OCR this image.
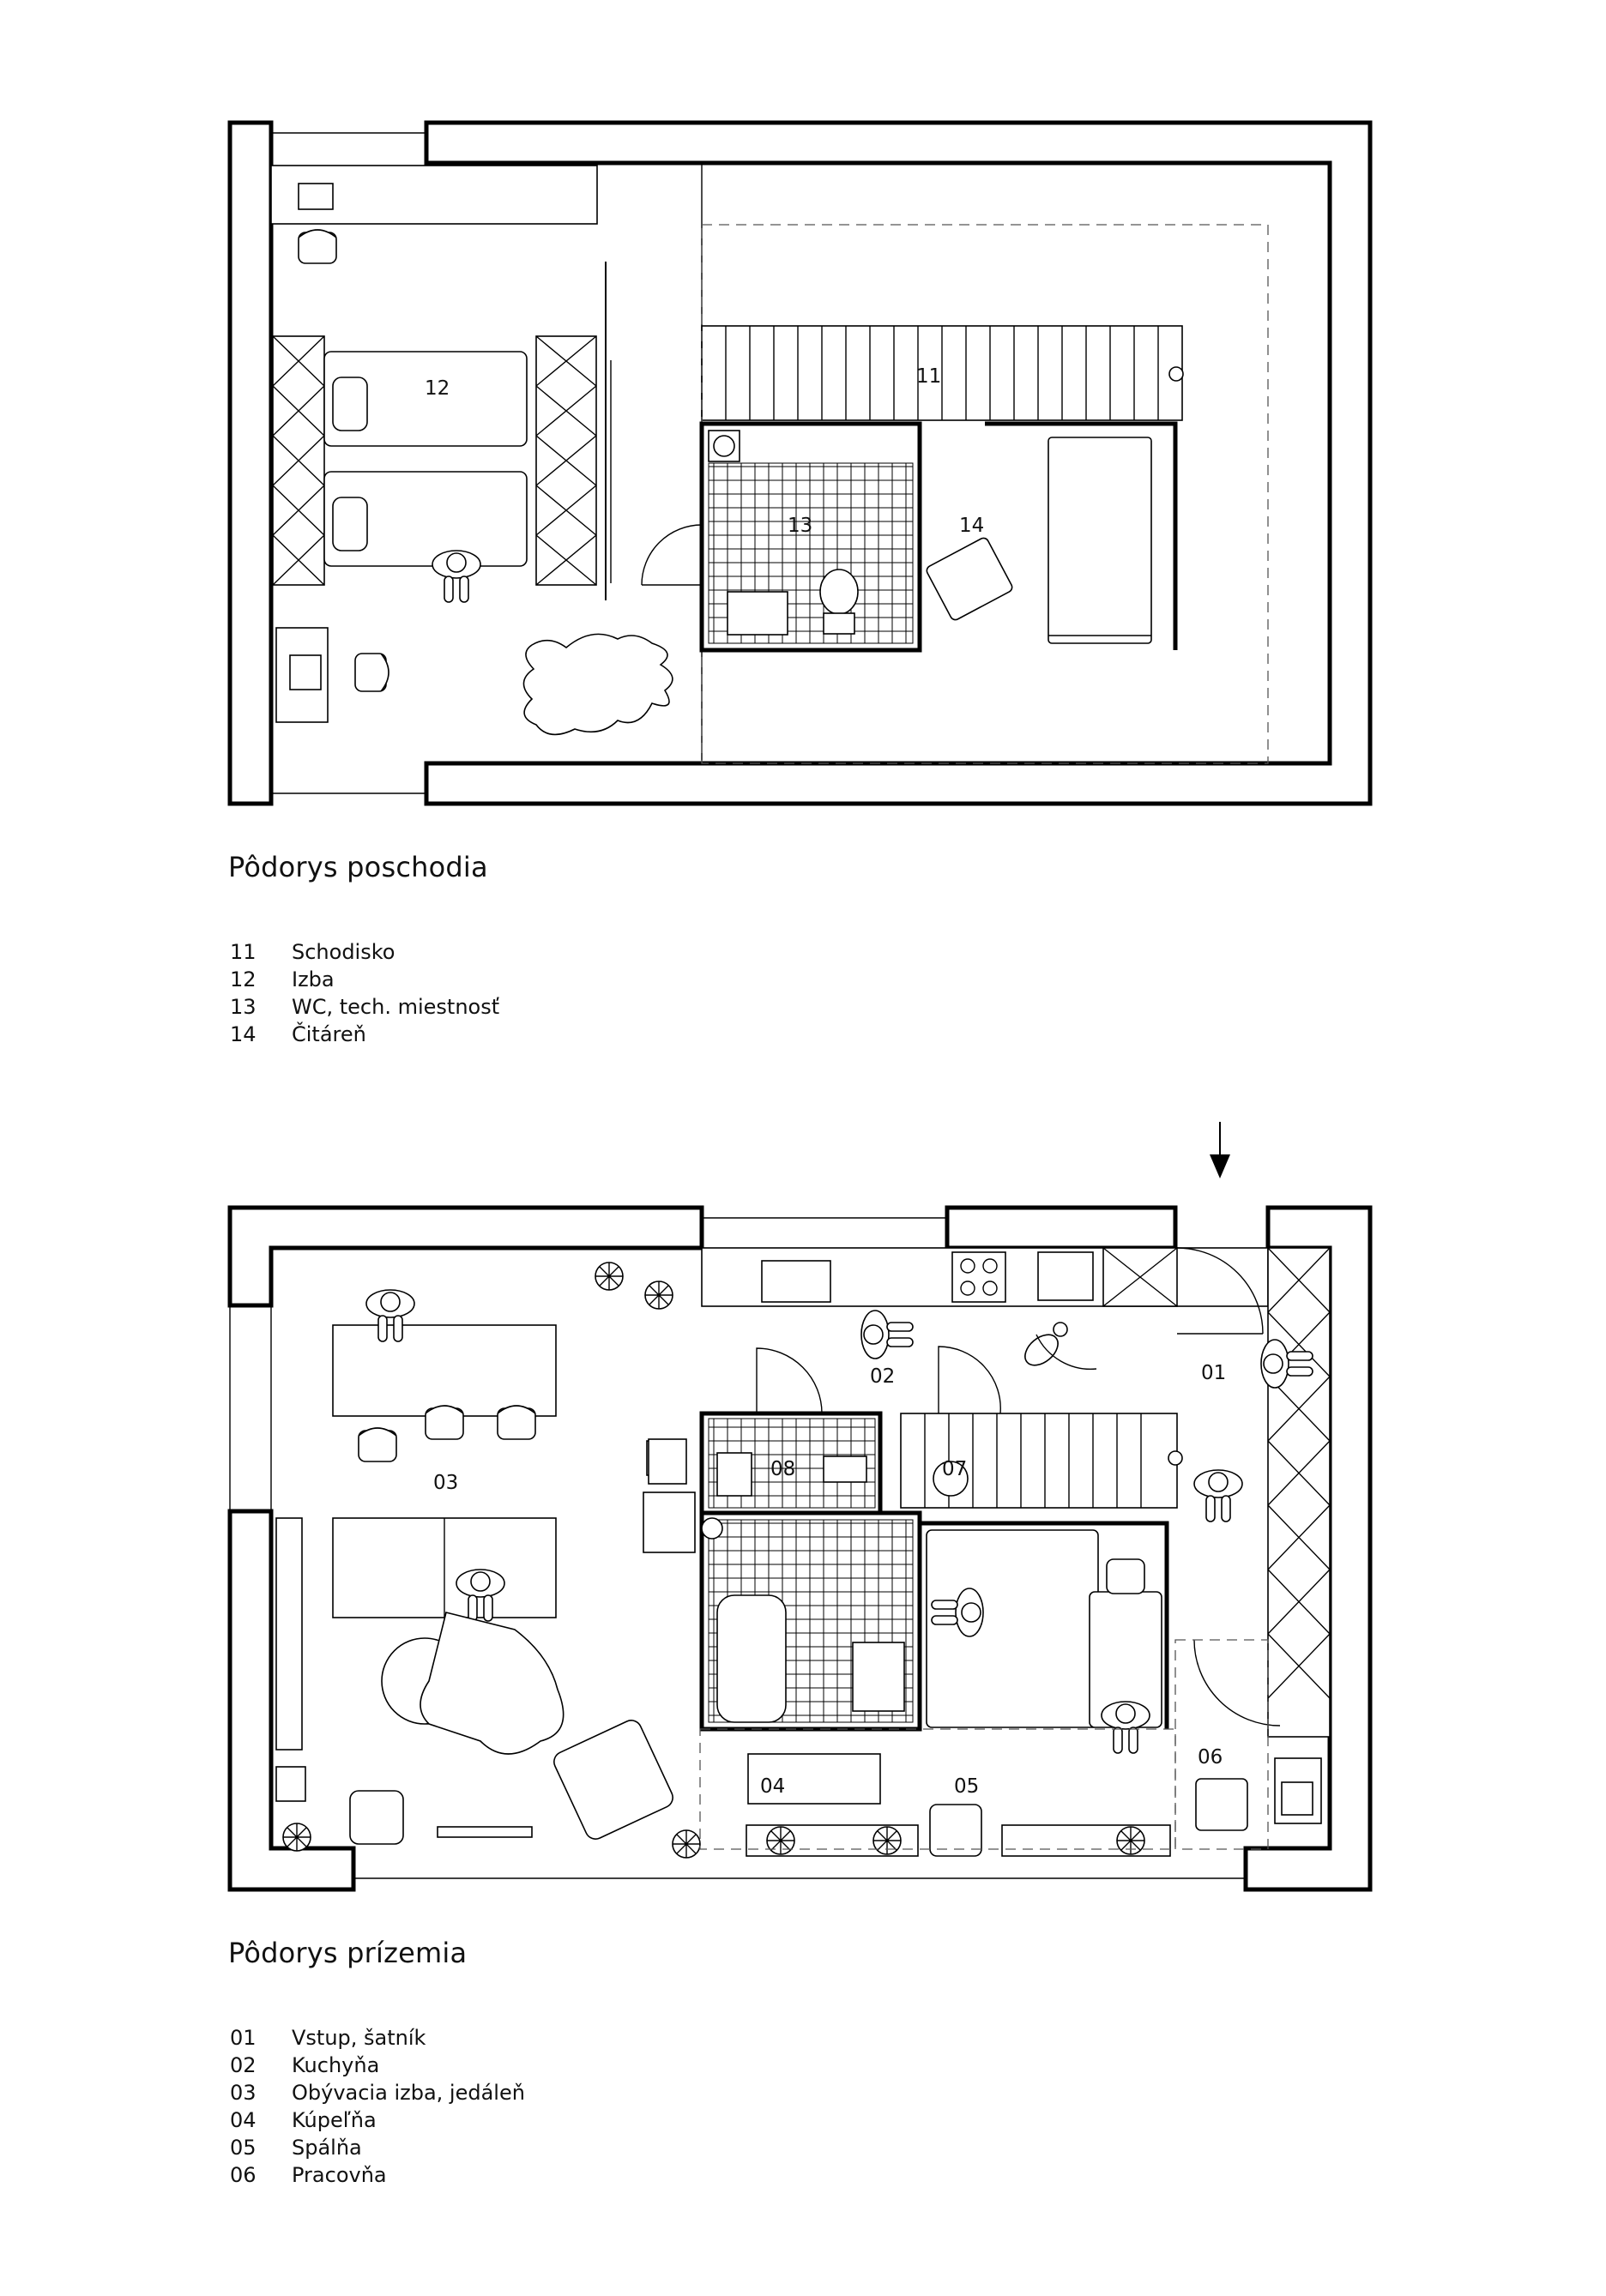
12
11
13	14
01
02
03
04	05
06
07
08
Pôdorys poschodia
11	Schodisko
12	Izba
13	WC, tech. miestnosť
14	Čitáreň
Pôdorys prízemia
01	Vstup, šatník
02	Kuchyňa
03	Obývacia izba, jedáleň
04	Kúpeľňa
05	Spálňa
06	Pracovňa
